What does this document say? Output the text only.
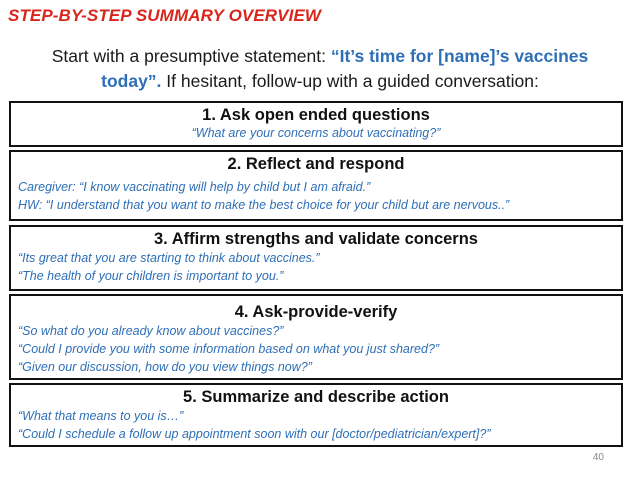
STEP-BY-STEP SUMMARY OVERVIEW
Start with a presumptive statement: “It’s time for [name]’s vaccines
today”. If hesitant, follow-up with a guided conversation:
1. Ask open ended questions
“What are your concerns about vaccinating?”
2. Reflect and respond
Caregiver: “I know vaccinating will help by child but I am afraid.”
HW: “I understand that you want to make the best choice for your child but are nervous..”
3. Affirm strengths and validate concerns
“Its great that you are starting to think about vaccines.”
“The health of your children is important to you.”
4. Ask-provide-verify
“So what do you already know about vaccines?”
“Could I provide you with some information based on what you just shared?”
“Given our discussion, how do you view things now?”
5. Summarize and describe action
“What that means to you is…”
“Could I schedule a follow up appointment soon with our [doctor/pediatrician/expert]?”
40
